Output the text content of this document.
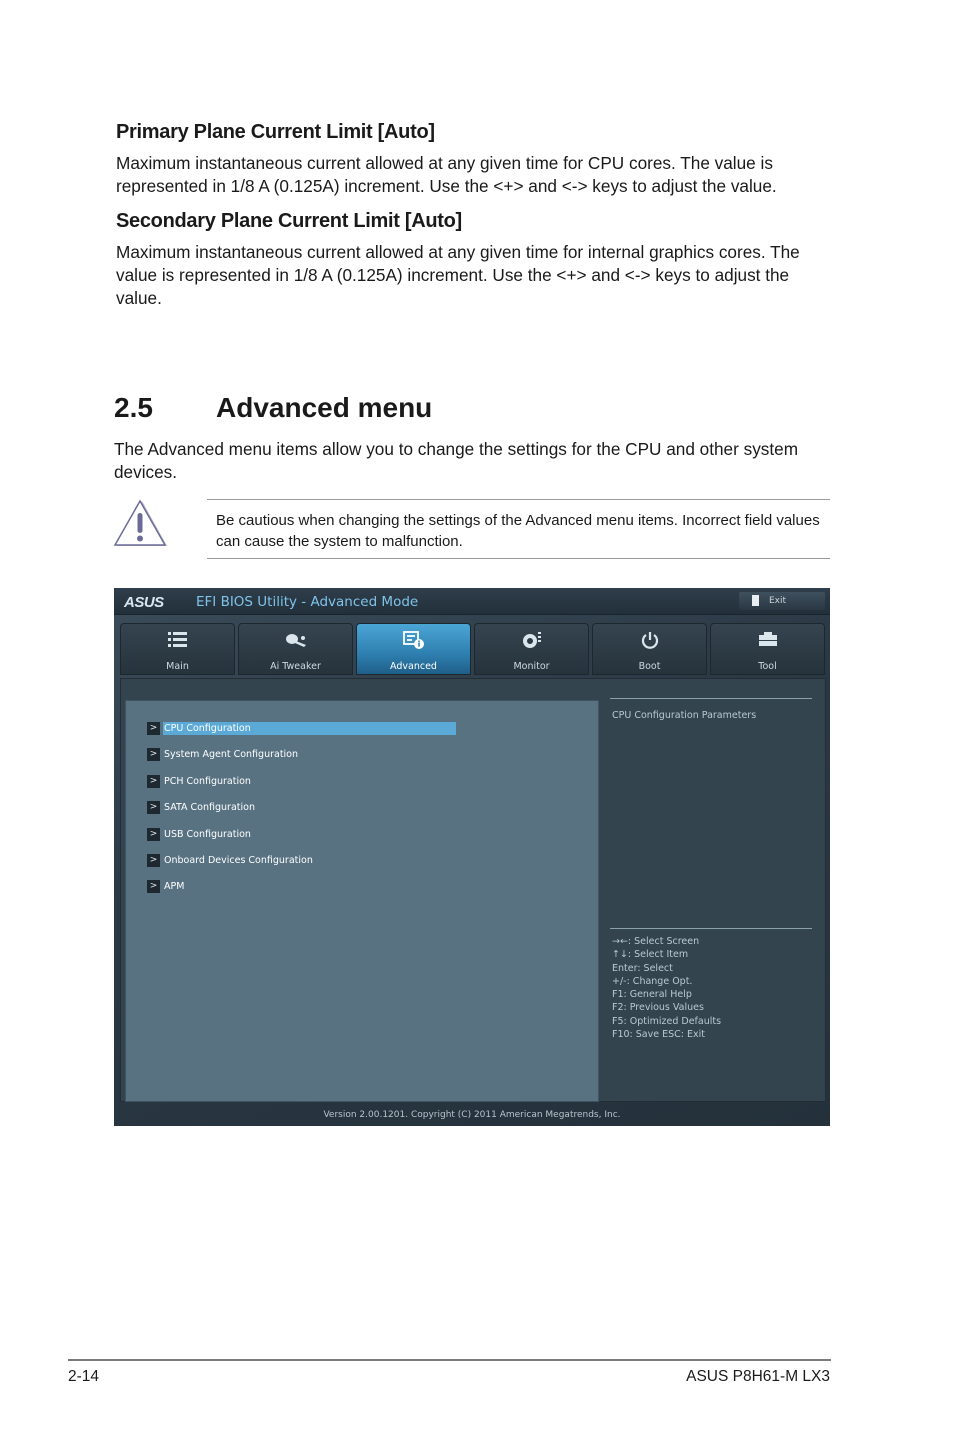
Primary Plane Current Limit [Auto]

Maximum instantaneous current allowed at any given time for CPU cores. The value is represented in 1/8 A (0.125A) increment. Use the <+> and <-> keys to adjust the value.

Secondary Plane Current Limit [Auto]

Maximum instantaneous current allowed at any given time for internal graphics cores. The value is represented in 1/8 A (0.125A) increment. Use the <+> and <-> keys to adjust the value.

2.5 Advanced menu

The Advanced menu items allow you to change the settings for the CPU and other system devices.

Be cautious when changing the settings of the Advanced menu items. Incorrect field values can cause the system to malfunction.

ASUS EFI BIOS Utility - Advanced Mode	Exit
Main	Ai Tweaker	Advanced	Monitor	Boot	Tool
> CPU Configuration
> System Agent Configuration
> PCH Configuration
> SATA Configuration
> USB Configuration
> Onboard Devices Configuration
> APM
CPU Configuration Parameters
→←: Select Screen
↑↓: Select Item
Enter: Select
+/-: Change Opt.
F1: General Help
F2: Previous Values
F5: Optimized Defaults
F10: Save ESC: Exit
Version 2.00.1201. Copyright (C) 2011 American Megatrends, Inc.
2-14	ASUS P8H61-M LX3
